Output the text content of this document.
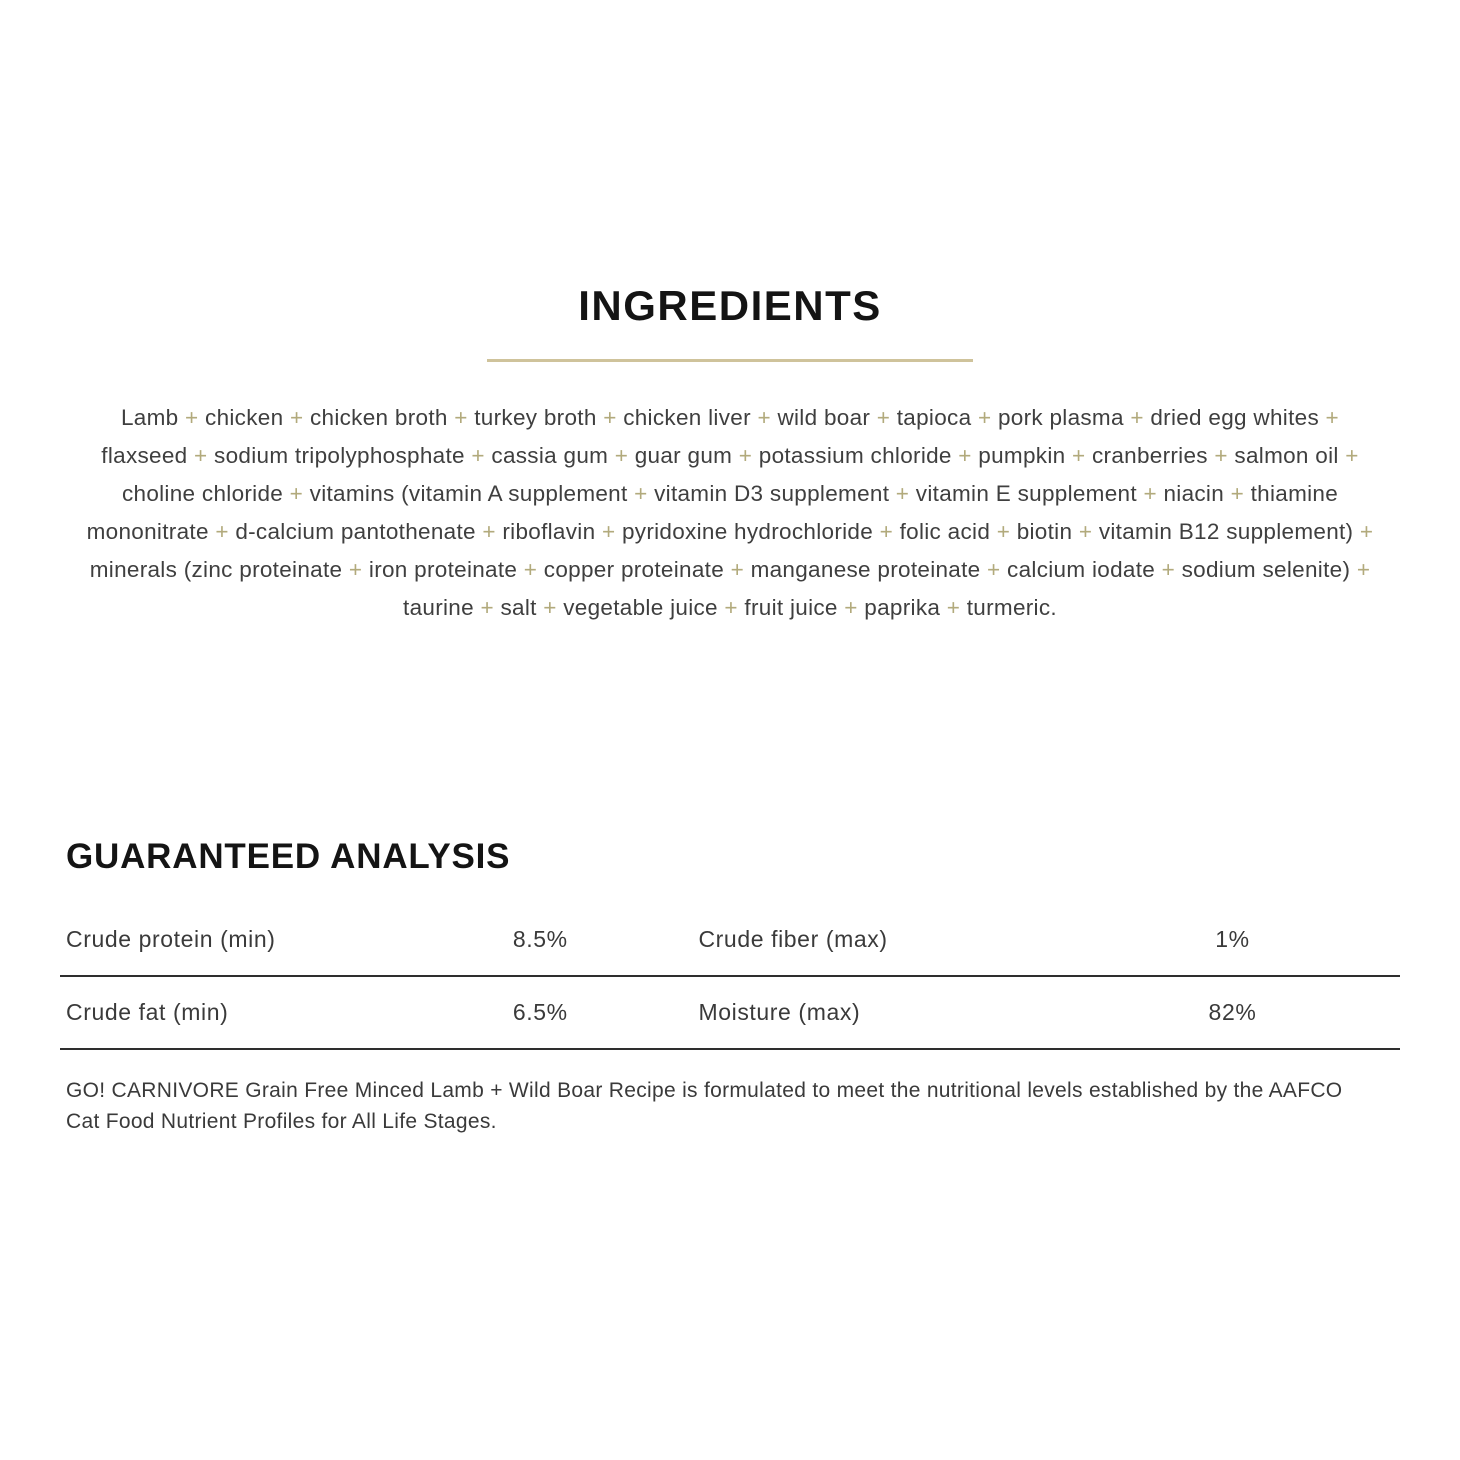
INGREDIENTS

Lamb + chicken + chicken broth + turkey broth + chicken liver + wild boar + tapioca + pork plasma + dried egg whites + flaxseed + sodium tripolyphosphate + cassia gum + guar gum + potassium chloride + pumpkin + cranberries + salmon oil + choline chloride + vitamins (vitamin A supplement + vitamin D3 supplement + vitamin E supplement + niacin + thiamine mononitrate + d-calcium pantothenate + riboflavin + pyridoxine hydrochloride + folic acid + biotin + vitamin B12 supplement) + minerals (zinc proteinate + iron proteinate + copper proteinate + manganese proteinate + calcium iodate + sodium selenite) + taurine + salt + vegetable juice + fruit juice + paprika + turmeric.

GUARANTEED ANALYSIS
Crude protein (min)	8.5%	Crude fiber (max)	1%
Crude fat (min)	6.5%	Moisture (max)	82%

GO! CARNIVORE Grain Free Minced Lamb + Wild Boar Recipe is formulated to meet the nutritional levels established by the AAFCO Cat Food Nutrient Profiles for All Life Stages.
